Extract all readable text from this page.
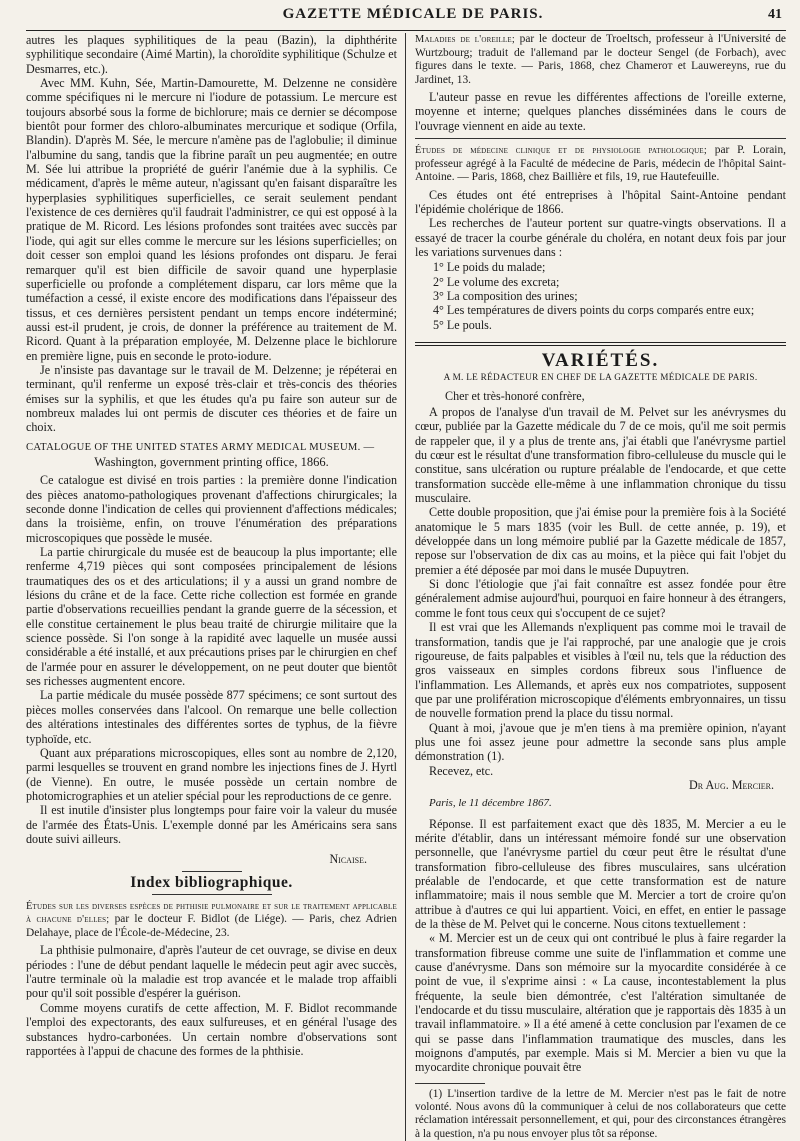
GAZETTE MÉDICALE DE PARIS.	41

autres les plaques syphilitiques de la peau (Bazin), la diphthérite syphilitique secondaire (Aimé Martin), la choroïdite syphilitique (Schulze et Desmarres, etc.).

Avec MM. Kuhn, Sée, Martin-Damourette, M. Delzenne ne considère comme spécifiques ni le mercure ni l'iodure de potassium. Le mercure est toujours absorbé sous la forme de bichlorure; mais ce dernier se décompose bientôt pour former des chloro-albuminates mercurique et sodique (Orfila, Blandin). D'après M. Sée, le mercure n'amène pas de l'aglobulie; il diminue l'albumine du sang, tandis que la fibrine paraît un peu augmentée; en outre M. Sée lui attribue la propriété de guérir l'anémie due à la syphilis. Ce médicament, d'après le même auteur, n'agissant qu'en faisant disparaître les hyperplasies syphilitiques superficielles, ce serait seulement pendant l'existence de ces dernières qu'il faudrait l'administrer, ce qui est opposé à la pratique de M. Ricord. Les lésions profondes sont traitées avec succès par l'iode, qui agit sur elles comme le mercure sur les lésions superficielles; on doit cesser son emploi quand les lésions profondes ont disparu. Je ferai remarquer qu'il est bien difficile de savoir quand une hyperplasie superficielle ou profonde a complétement disparu, car lors même que la tuméfaction a cessé, il existe encore des modifications dans l'épaisseur des tissus, et ces dernières persistent pendant un temps encore indéterminé; aussi est-il prudent, je crois, de donner la préférence au traitement de M. Ricord. Quant à la préparation employée, M. Delzenne place le bichlorure en première ligne, puis en seconde le proto-iodure.

Je n'insiste pas davantage sur le travail de M. Delzenne; je répéterai en terminant, qu'il renferme un exposé très-clair et très-concis des théories émises sur la syphilis, et que les études qu'a pu faire son auteur sur de nombreux malades lui ont permis de discuter ces théories et de faire un choix.

CATALOGUE OF THE UNITED STATES ARMY MEDICAL MUSEUM. —

Washington, government printing office, 1866.

Ce catalogue est divisé en trois parties : la première donne l'indication des pièces anatomo-pathologiques provenant d'affections chirurgicales; la seconde donne l'indication de celles qui proviennent d'affections médicales; dans la troisième, enfin, on trouve l'énumération des préparations microscopiques que possède le musée.

La partie chirurgicale du musée est de beaucoup la plus importante; elle renferme 4,719 pièces qui sont composées principalement de lésions traumatiques des os et des articulations; il y a aussi un grand nombre de lésions du crâne et de la face. Cette riche collection est formée en grande partie d'observations recueillies pendant la grande guerre de la sécession, et elle constitue certainement le plus beau traité de chirurgie militaire que la science possède. Si l'on songe à la rapidité avec laquelle un musée aussi considérable a été installé, et aux précautions prises par le chirurgien en chef de l'armée pour en assurer le développement, on ne peut douter que bientôt ses richesses augmentent encore.

La partie médicale du musée possède 877 spécimens; ce sont surtout des pièces molles conservées dans l'alcool. On remarque une belle collection des altérations intestinales des différentes sortes de typhus, de la fièvre typhoïde, etc.

Quant aux préparations microscopiques, elles sont au nombre de 2,120, parmi lesquelles se trouvent en grand nombre les injections fines de J. Hyrtl (de Vienne). En outre, le musée possède un certain nombre de photomicrographies et un atelier spécial pour les reproductions de ce genre.

Il est inutile d'insister plus longtemps pour faire voir la valeur du musée de l'armée des États-Unis. L'exemple donné par les Américains sera sans doute suivi ailleurs.

Nicaise.

Index bibliographique.

Études sur les diverses espèces de phthisie pulmonaire et sur le traitement applicable à chacune d'elles; par le docteur F. Bidlot (de Liége). — Paris, chez Adrien Delahaye, place de l'École-de-Médecine, 23.

La phthisie pulmonaire, d'après l'auteur de cet ouvrage, se divise en deux périodes : l'une de début pendant laquelle le médecin peut agir avec succès, l'autre terminale où la maladie est trop avancée et le malade trop affaibli pour qu'il soit possible d'espérer la guérison.

Comme moyens curatifs de cette affection, M. F. Bidlot recommande l'emploi des expectorants, des eaux sulfureuses, et en général l'usage des substances hydro-carbonées. Un certain nombre d'observations sont rapportées à l'appui de chacune des formes de la phthisie.

Maladies de l'oreille; par le docteur de Troeltsch, professeur à l'Université de Wurtzbourg; traduit de l'allemand par le docteur Sengel (de Forbach), avec figures dans le texte. — Paris, 1868, chez Chameroт et Lauwereyns, rue du Jardinet, 13.

L'auteur passe en revue les différentes affections de l'oreille externe, moyenne et interne; quelques planches disséminées dans le cours de l'ouvrage viennent en aide au texte.

Études de médecine clinique et de physiologie pathologique; par P. Lorain, professeur agrégé à la Faculté de médecine de Paris, médecin de l'hôpital Saint-Antoine. — Paris, 1868, chez Baillière et fils, 19, rue Hautefeuille.

Ces études ont été entreprises à l'hôpital Saint-Antoine pendant l'épidémie cholérique de 1866.

Les recherches de l'auteur portent sur quatre-vingts observations. Il a essayé de tracer la courbe générale du choléra, en notant deux fois par jour les variations survenues dans :

1° Le poids du malade;
2° Le volume des excreta;
3° La composition des urines;
4° Les températures de divers points du corps comparés entre eux;
5° Le pouls.
VARIÉTÉS.

A M. LE RÉDACTEUR EN CHEF DE LA GAZETTE MÉDICALE DE PARIS.

Cher et très-honoré confrère,

A propos de l'analyse d'un travail de M. Pelvet sur les anévrysmes du cœur, publiée par la Gazette médicale du 7 de ce mois, qu'il me soit permis de rappeler que, il y a plus de trente ans, j'ai établi que l'anévrysme partiel du cœur est le résultat d'une transformation fibro-celluleuse du muscle qui le constitue, sans ulcération ou rupture préalable de l'endocarde, et que cette transformation succède elle-même à une inflammation chronique du tissu musculaire.

Cette double proposition, que j'ai émise pour la première fois à la Société anatomique le 5 mars 1835 (voir les Bull. de cette année, p. 19), et développée dans un long mémoire publié par la Gazette médicale de 1857, repose sur l'observation de dix cas au moins, et la pièce qui fait l'objet du premier a été déposée par moi dans le musée Dupuytren.

Si donc l'étiologie que j'ai fait connaître est assez fondée pour être généralement admise aujourd'hui, pourquoi en faire honneur à des étrangers, comme le font tous ceux qui s'occupent de ce sujet?

Il est vrai que les Allemands n'expliquent pas comme moi le travail de transformation, tandis que je l'ai rapproché, par une analogie que je crois rigoureuse, de faits palpables et visibles à l'œil nu, tels que la réduction des gros vaisseaux en simples cordons fibreux sous l'influence de l'inflammation. Les Allemands, et après eux nos compatriotes, supposent que par une prolifération microscopique d'éléments embryonnaires, un tissu de nouvelle formation prend la place du tissu normal.

Quant à moi, j'avoue que je m'en tiens à ma première opinion, n'ayant plus une foi assez jeune pour admettre la seconde sans plus ample démonstration (1).

Recevez, etc.

Dr Aug. Mercier.

Paris, le 11 décembre 1867.

Réponse. Il est parfaitement exact que dès 1835, M. Mercier a eu le mérite d'établir, dans un intéressant mémoire fondé sur une observation personnelle, que l'anévrysme partiel du cœur peut être le résultat d'une transformation fibro-celluleuse des fibres musculaires, sans ulcération préalable de l'endocarde, et que cette transformation est de nature inflammatoire; mais il nous semble que M. Mercier a tort de croire qu'on attribue à d'autres ce qui lui appartient. Voici, en effet, en entier le passage de la thèse de M. Pelvet qui le concerne. Nous citons textuellement :

« M. Mercier est un de ceux qui ont contribué le plus à faire regarder la transformation fibreuse comme une suite de l'inflammation et comme une cause d'anévrysme. Dans son mémoire sur la myocardite considérée à ce point de vue, il s'exprime ainsi : « La cause, incontestablement la plus fréquente, la seule bien démontrée, c'est l'altération simultanée de l'endocarde et du tissu musculaire, altération que je rapportais dès 1835 à un travail inflammatoire. » Il a été amené à cette conclusion par l'examen de ce qui se passe dans l'inflammation traumatique des muscles, dans les moignons d'amputés, par exemple. Mais si M. Mercier a bien vu que la myocardite chronique pouvait être

(1) L'insertion tardive de la lettre de M. Mercier n'est pas le fait de notre volonté. Nous avons dû la communiquer à celui de nos collaborateurs que cette réclamation intéressait personnellement, et qui, pour des circonstances étrangères à la question, n'a pu nous envoyer plus tôt sa réponse.
